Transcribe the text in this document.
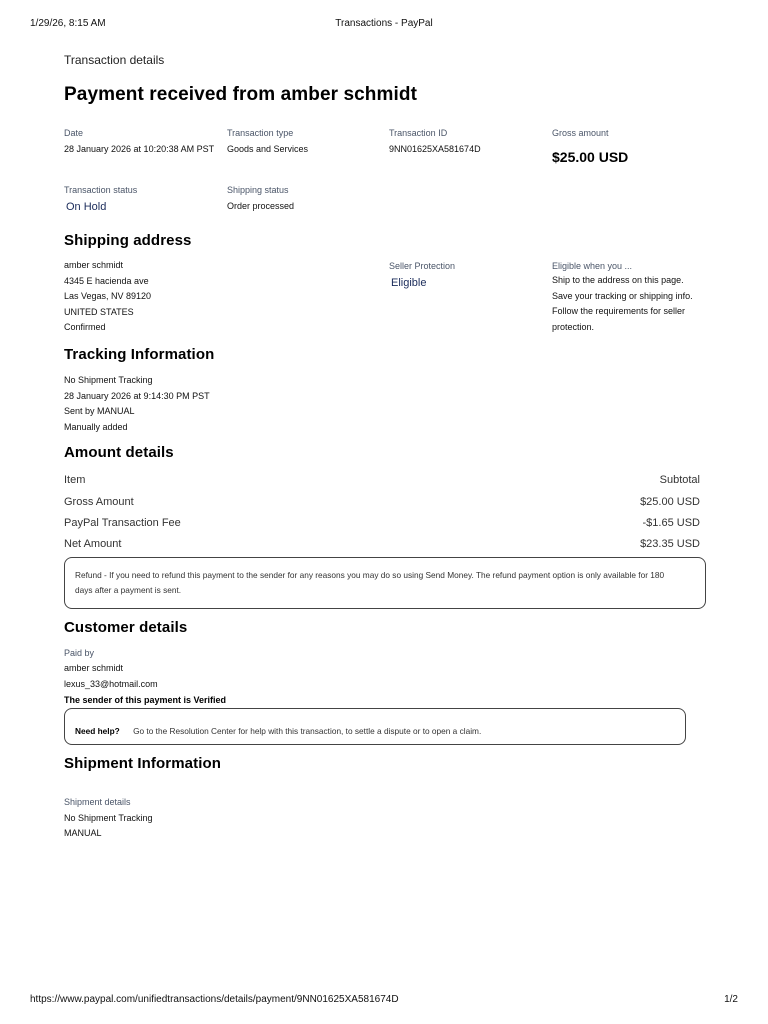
1/29/26, 8:15 AM	Transactions - PayPal
Transaction details
Payment received from amber schmidt
Date
28 January 2026 at 10:20:38 AM PST
Transaction type
Goods and Services
Transaction ID
9NN01625XA581674D
Gross amount
$25.00 USD
Transaction status
On Hold
Shipping status
Order processed
Shipping address
amber schmidt
4345 E hacienda ave
Las Vegas, NV 89120
UNITED STATES
Confirmed
Seller Protection
Eligible
Eligible when you ...
Ship to the address on this page.
Save your tracking or shipping info.
Follow the requirements for seller
protection.
Tracking Information
No Shipment Tracking
28 January 2026 at 9:14:30 PM PST
Sent by MANUAL
Manually added
Amount details
Item	Subtotal
Gross Amount	$25.00 USD
PayPal Transaction Fee	-$1.65 USD
Net Amount	$23.35 USD
Refund - If you need to refund this payment to the sender for any reasons you may do so using Send Money. The refund payment option is only available for 180
days after a payment is sent.
Customer details
Paid by
amber schmidt
lexus_33@hotmail.com
The sender of this payment is Verified
Need help? Go to the Resolution Center for help with this transaction, to settle a dispute or to open a claim.
Shipment Information
Shipment details
No Shipment Tracking
MANUAL
https://www.paypal.com/unifiedtransactions/details/payment/9NN01625XA581674D	1/2
